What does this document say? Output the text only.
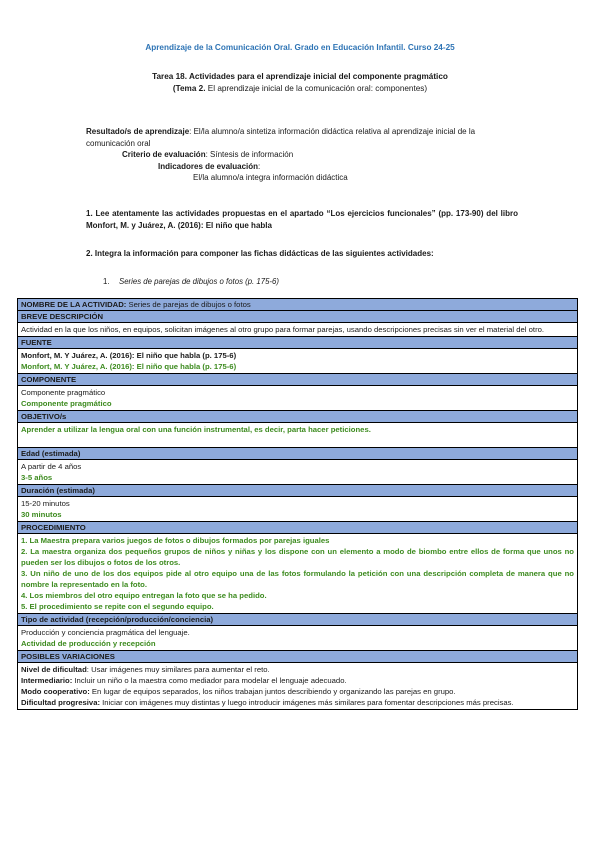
Aprendizaje de la Comunicación Oral. Grado en Educación Infantil. Curso 24-25
Tarea 18. Actividades para el aprendizaje inicial del componente pragmático
(Tema 2. El aprendizaje inicial de la comunicación oral: componentes)
Resultado/s de aprendizaje: El/la alumno/a sintetiza información didáctica relativa al aprendizaje inicial de la comunicación oral
Criterio de evaluación: Síntesis de información
Indicadores de evaluación:
El/la alumno/a integra información didáctica
1. Lee atentamente las actividades propuestas en el apartado “Los ejercicios funcionales” (pp. 173-90) del libro Monfort, M. y Juárez, A. (2016): El niño que habla
2. Integra la información para componer las fichas didácticas de las siguientes actividades:
1. Series de parejas de dibujos o fotos (p. 175-6)
NOMBRE DE LA ACTIVIDAD: Series de parejas de dibujos o fotos
BREVE DESCRIPCIÓN
Actividad en la que los niños, en equipos, solicitan imágenes al otro grupo para formar parejas, usando descripciones precisas sin ver el material del otro.
FUENTE
Monfort, M. Y Juárez, A. (2016): El niño que habla (p. 175-6)
Monfort, M. Y Juárez, A. (2016): El niño que habla (p. 175-6)
COMPONENTE
Componente pragmático
Componente pragmático
OBJETIVO/s
Aprender a utilizar la lengua oral con una función instrumental, es decir, parta hacer peticiones.
Edad (estimada)
A partir de 4 años
3-5 años
Duración (estimada)
15-20 minutos
30 minutos
PROCEDIMIENTO
1. La Maestra prepara varios juegos de fotos o dibujos formados por parejas iguales
2. La maestra organiza dos pequeños grupos de niños y niñas y los dispone con un elemento a modo de biombo entre ellos de forma que unos no pueden ser los dibujos o fotos de los otros.
3. Un niño de uno de los dos equipos pide al otro equipo una de las fotos formulando la petición con una descripción completa de manera que no nombre la representado en la foto.
4. Los miembros del otro equipo entregan la foto que se ha pedido.
5. El procedimiento se repite con el segundo equipo.
Tipo de actividad (recepción/producción/conciencia)
Producción y conciencia pragmática del lenguaje.
Actividad de producción y recepción
POSIBLES VARIACIONES
Nivel de dificultad: Usar imágenes muy similares para aumentar el reto.
Intermediario: Incluir un niño o la maestra como mediador para modelar el lenguaje adecuado.
Modo cooperativo: En lugar de equipos separados, los niños trabajan juntos describiendo y organizando las parejas en grupo.
Dificultad progresiva: Iniciar con imágenes muy distintas y luego introducir imágenes más similares para fomentar descripciones más precisas.
